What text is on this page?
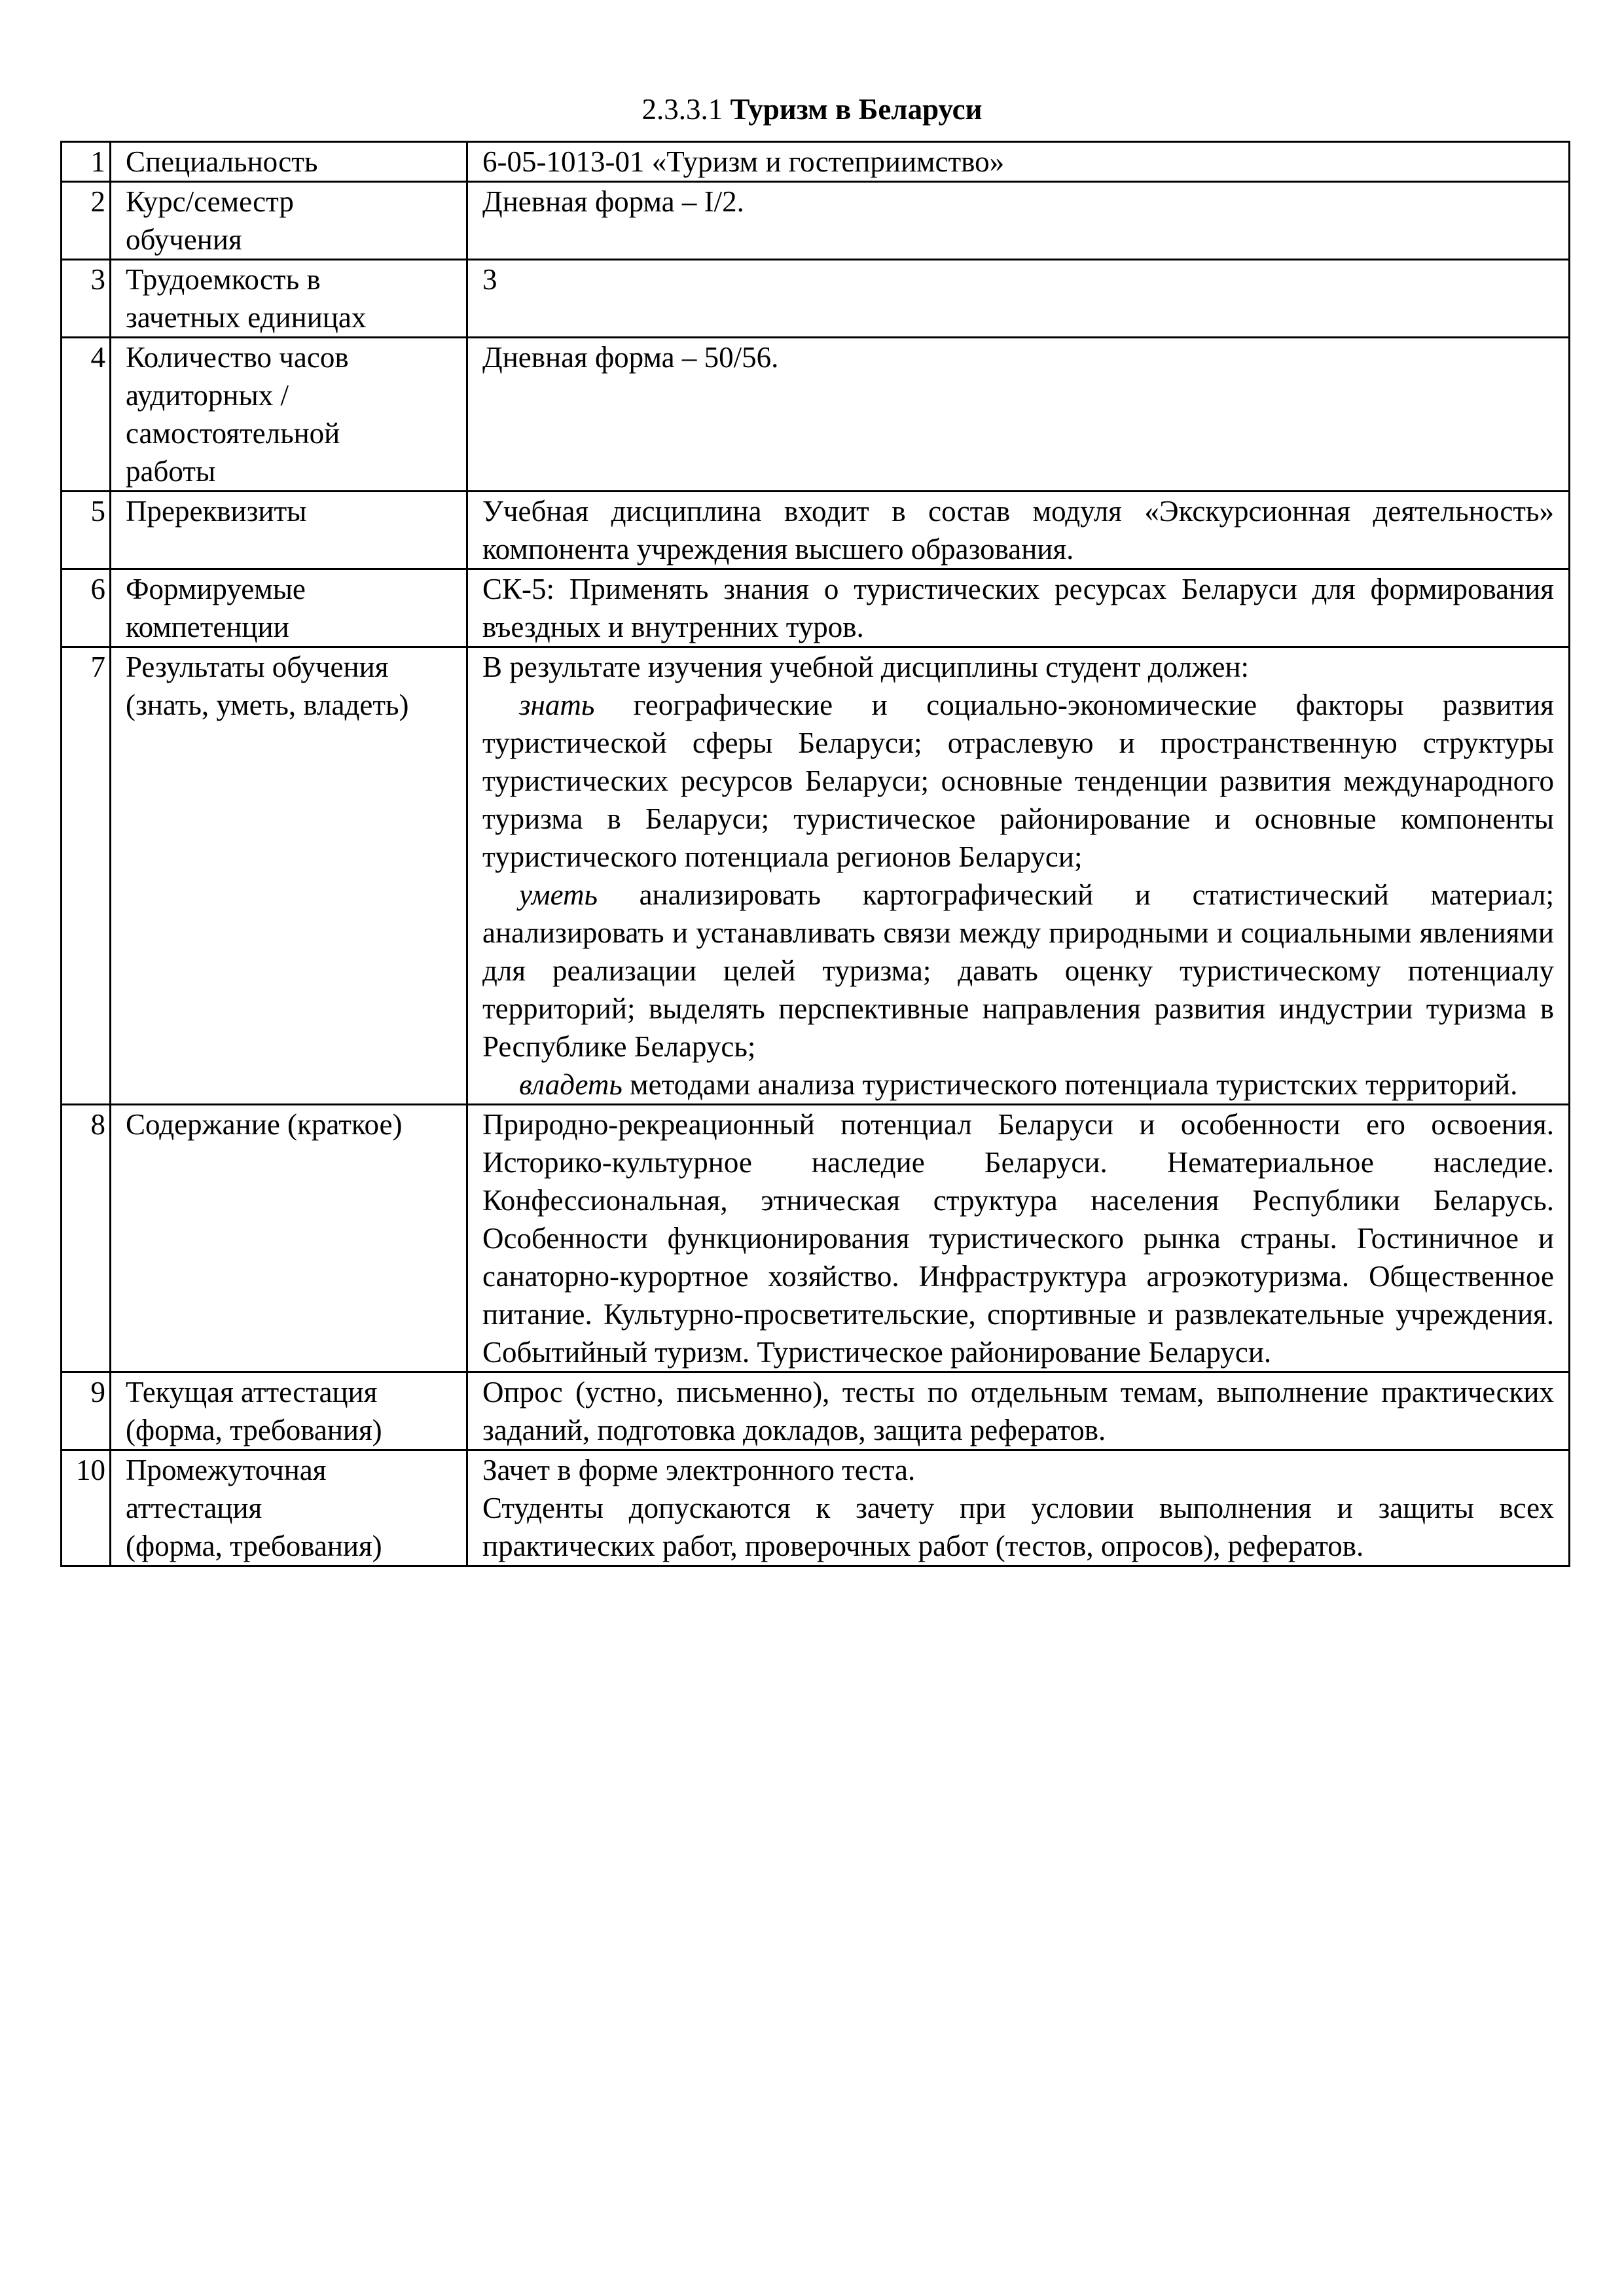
2.3.3.1 Туризм в Беларуси
1	Специальность	6-05-1013-01 «Туризм и гостеприимство»

2	Курс/семестр
обучения	Дневная форма – I/2.

3	Трудоемкость в
зачетных единицах	3

4	Количество часов
аудиторных /
самостоятельной
работы	Дневная форма – 50/56.

5	Пререквизиты	Учебная дисциплина входит в состав модуля «Экскурсионная деятельность» компонента учреждения высшего образования.

6	Формируемые
компетенции	СК-5: Применять знания о туристических ресурсах Беларуси для формирования въездных и внутренних туров.

7	Результаты обучения
(знать, уметь, владеть)	В результате изучения учебной дисциплины студент должен:
знать географические и социально-экономические факторы развития туристической сферы Беларуси; отраслевую и пространственную структуры туристических ресурсов Беларуси; основные тенденции развития международного туризма в Беларуси; туристическое районирование и основные компоненты туристического потенциала регионов Беларуси;
уметь анализировать картографический и статистический материал; анализировать и устанавливать связи между природными и социальными явлениями для реализации целей туризма; давать оценку туристическому потенциалу территорий; выделять перспективные направления развития индустрии туризма в Республике Беларусь;
владеть методами анализа туристического потенциала туристских территорий.

8	Содержание (краткое)	Природно-рекреационный потенциал Беларуси и особенности его освоения. Историко-культурное наследие Беларуси. Нематериальное наследие. Конфессиональная, этническая структура населения Республики Беларусь. Особенности функционирования туристического рынка страны. Гостиничное и санаторно-курортное хозяйство. Инфраструктура агроэкотуризма. Общественное питание. Культурно-просветительские, спортивные и развлекательные учреждения. Событийный туризм. Туристическое районирование Беларуси.

9	Текущая аттестация
(форма, требования)	Опрос (устно, письменно), тесты по отдельным темам, выполнение практических заданий, подготовка докладов, защита рефератов.

10	Промежуточная
аттестация
(форма, требования)	Зачет в форме электронного теста.
Студенты допускаются к зачету при условии выполнения и защиты всех практических работ, проверочных работ (тестов, опросов), рефератов.
